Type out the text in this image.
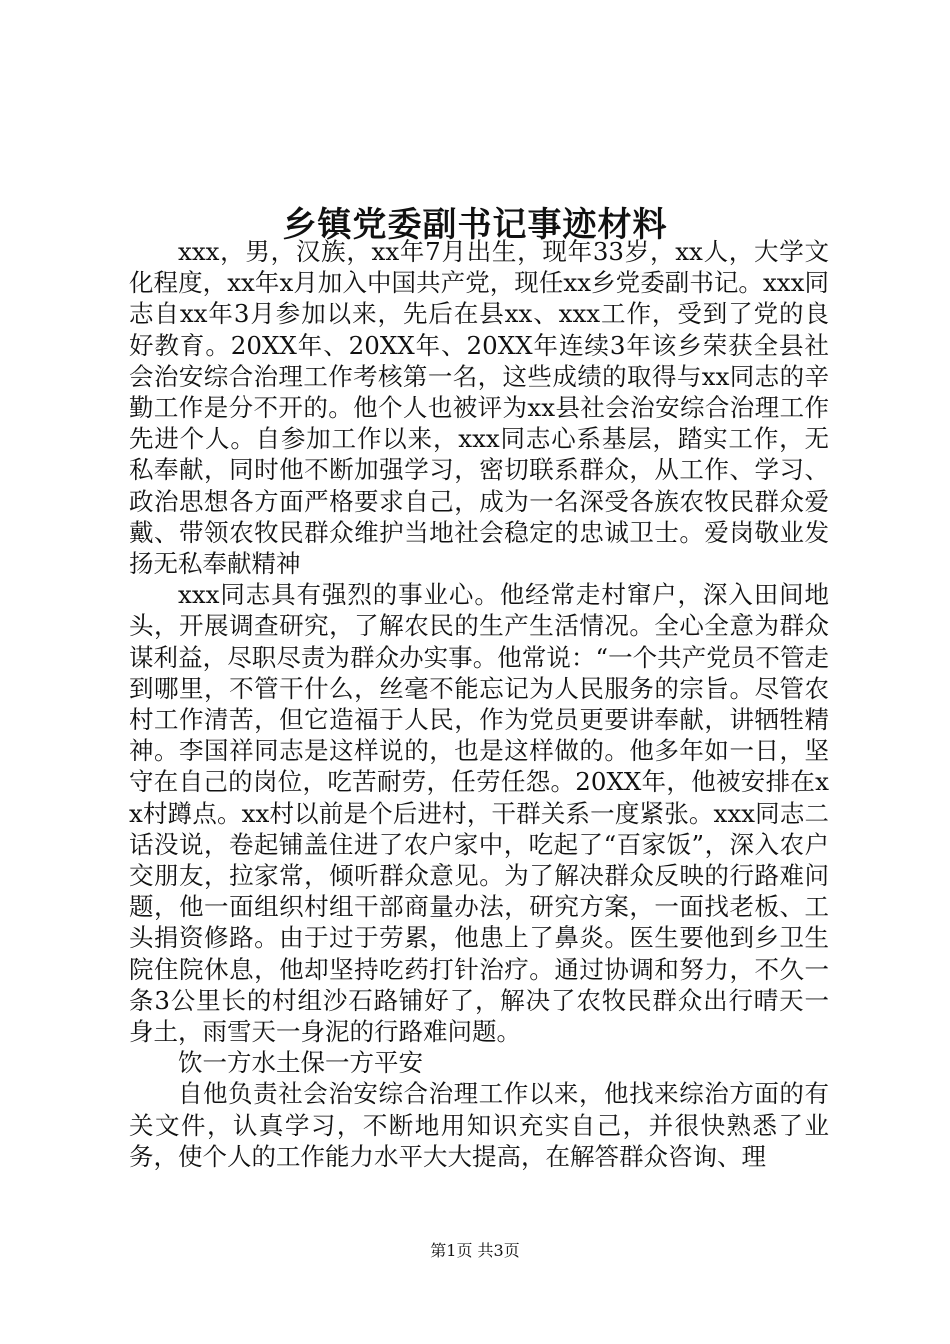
乡镇党委副书记事迹材料

xxx，男，汉族，xx年7月出生，现年33岁，xx人，大学文化程度，xx年x月加入中国共产党，现任xx乡党委副书记。xxx同志自xx年3月参加以来，先后在县xx、xxx工作，受到了党的良好教育。20XX年、20XX年、20XX年连续3年该乡荣获全县社会治安综合治理工作考核第一名，这些成绩的取得与xx同志的辛勤工作是分不开的。他个人也被评为xx县社会治安综合治理工作先进个人。自参加工作以来，xxx同志心系基层，踏实工作，无私奉献，同时他不断加强学习，密切联系群众，从工作、学习、政治思想各方面严格要求自己，成为一名深受各族农牧民群众爱戴、带领农牧民群众维护当地社会稳定的忠诚卫士。爱岗敬业发扬无私奉献精神

xxx同志具有强烈的事业心。他经常走村窜户，深入田间地头，开展调查研究，了解农民的生产生活情况。全心全意为群众谋利益，尽职尽责为群众办实事。他常说：“一个共产党员不管走到哪里，不管干什么，丝毫不能忘记为人民服务的宗旨。尽管农村工作清苦，但它造福于人民，作为党员更要讲奉献，讲牺牲精神。李国祥同志是这样说的，也是这样做的。他多年如一日，坚守在自己的岗位，吃苦耐劳，任劳任怨。20XX年，他被安排在xx村蹲点。xx村以前是个后进村，干群关系一度紧张。xxx同志二话没说，卷起铺盖住进了农户家中，吃起了“百家饭”，深入农户交朋友，拉家常，倾听群众意见。为了解决群众反映的行路难问题，他一面组织村组干部商量办法，研究方案，一面找老板、工头捐资修路。由于过于劳累，他患上了鼻炎。医生要他到乡卫生院住院休息，他却坚持吃药打针治疗。通过协调和努力，不久一条3公里长的村组沙石路铺好了，解决了农牧民群众出行晴天一身土，雨雪天一身泥的行路难问题。

饮一方水土保一方平安

自他负责社会治安综合治理工作以来，他找来综治方面的有关文件，认真学习，不断地用知识充实自己，并很快熟悉了业务，使个人的工作能力水平大大提高，在解答群众咨询、理

第1页 共3页
